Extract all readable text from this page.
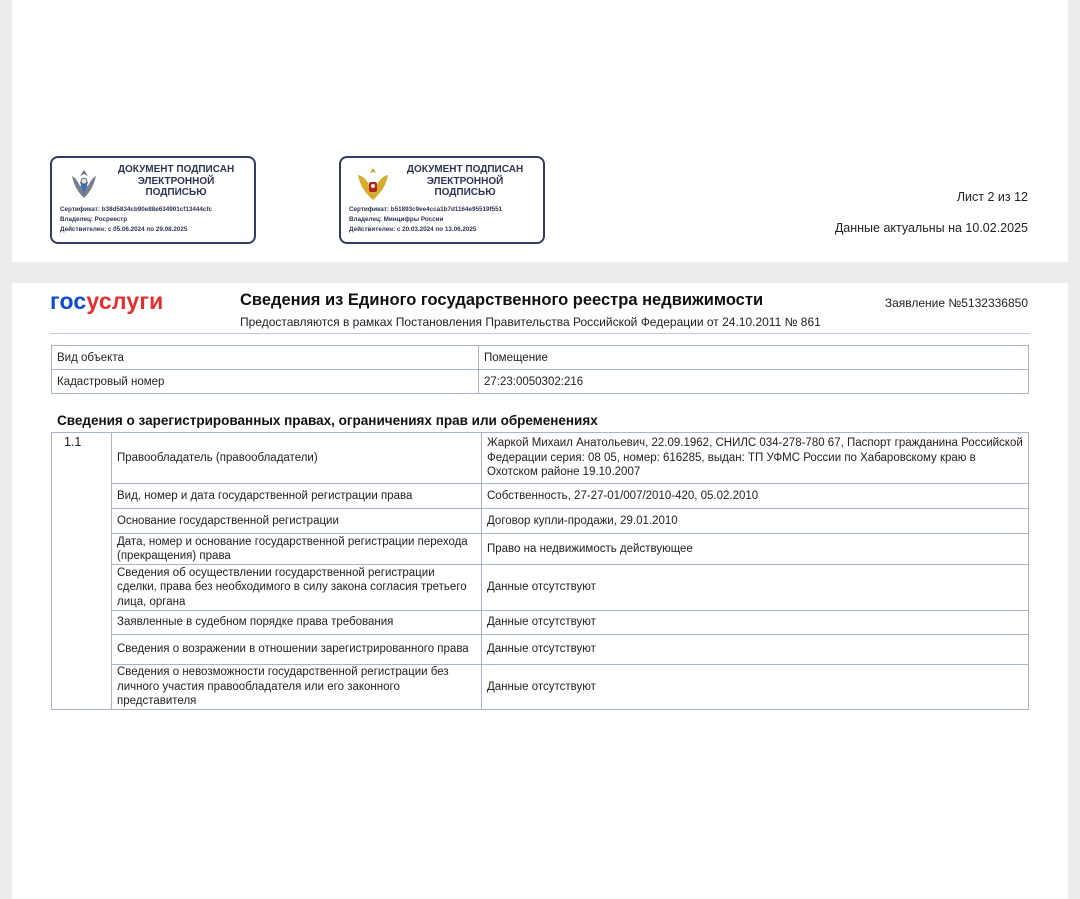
ДОКУМЕНТ ПОДПИСАН
ЭЛЕКТРОННОЙ
ПОДПИСЬЮ
Сертификат: b38d5834cb90e88e634901cf13444cfc
Владелец: Росреестр
Действителен: с 05.06.2024 по 29.08.2025
ДОКУМЕНТ ПОДПИСАН
ЭЛЕКТРОННОЙ
ПОДПИСЬЮ
Сертификат: b51893c9ee4cca1b7d1164e95519f551
Владелец: Минцифры России
Действителен: с 20.03.2024 по 13.06.2025
Лист 2 из 12
Данные актуальны на 10.02.2025
госуслуги	Сведения из Единого государственного реестра недвижимости
Предоставляются в рамках Постановления Правительства Российской Федерации от 24.10.2011 № 861
Заявление №5132336850
Вид объекта	Помещение
Кадастровый номер	27:23:0050302:216
Сведения о зарегистрированных правах, ограничениях прав или обременениях
1.1	Правообладатель (правообладатели)	Жаркой Михаил Анатольевич, 22.09.1962, СНИЛС 034-278-780 67, Паспорт гражданина Российской Федерации серия: 08 05, номер: 616285, выдан: ТП УФМС России по Хабаровскому краю в Охотском районе 19.10.2007
	Вид, номер и дата государственной регистрации права	Собственность, 27-27-01/007/2010-420, 05.02.2010
	Основание государственной регистрации	Договор купли-продажи, 29.01.2010
	Дата, номер и основание государственной регистрации перехода (прекращения) права	Право на недвижимость действующее
	Сведения об осуществлении государственной регистрации сделки, права без необходимого в силу закона согласия третьего лица, органа	Данные отсутствуют
	Заявленные в судебном порядке права требования	Данные отсутствуют
	Сведения о возражении в отношении зарегистрированного права	Данные отсутствуют
	Сведения о невозможности государственной регистрации без личного участия правообладателя или его законного представителя	Данные отсутствуют
